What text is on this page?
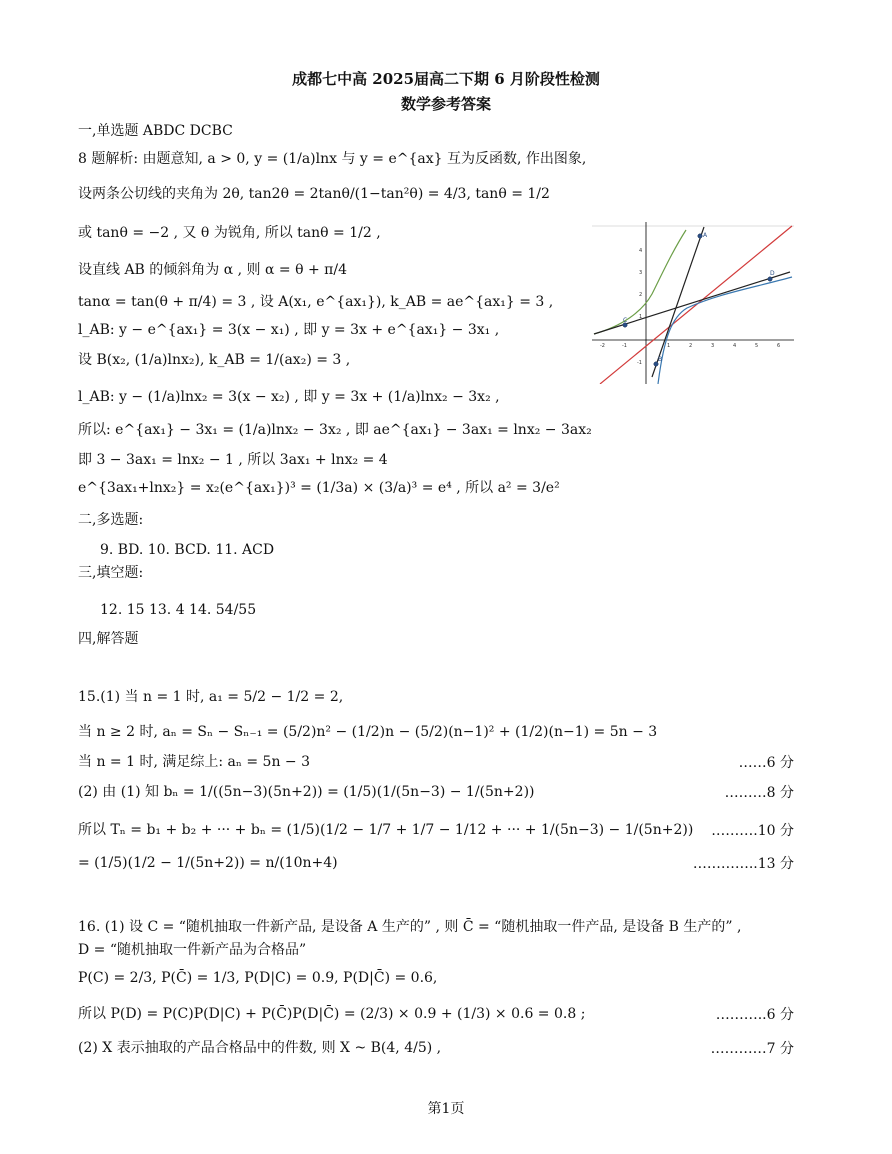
成都七中高 2025届高二下期 6 月阶段性检测
数学参考答案
一,单选题 ABDC DCBC
8 题解析: 由题意知, a > 0, y = (1/a)lnx 与 y = e^{ax} 互为反函数, 作出图象,
设两条公切线的夹角为 2θ, tan2θ = 2tanθ/(1−tan²θ) = 4/3, tanθ = 1/2
或 tanθ = −2 , 又 θ 为锐角, 所以 tanθ = 1/2 ,
设直线 AB 的倾斜角为 α , 则 α = θ + π/4
tanα = tan(θ + π/4) = 3 , 设 A(x₁, e^{ax₁}), k_AB = ae^{ax₁} = 3 ,
l_AB: y − e^{ax₁} = 3(x − x₁) , 即 y = 3x + e^{ax₁} − 3x₁ ,
设 B(x₂, (1/a)lnx₂), k_AB = 1/(ax₂) = 3 ,
l_AB: y − (1/a)lnx₂ = 3(x − x₂) , 即 y = 3x + (1/a)lnx₂ − 3x₂ ,
所以: e^{ax₁} − 3x₁ = (1/a)lnx₂ − 3x₂ , 即 ae^{ax₁} − 3ax₁ = lnx₂ − 3ax₂
即 3 − 3ax₁ = lnx₂ − 1 , 所以 3ax₁ + lnx₂ = 4
e^{3ax₁+lnx₂} = x₂(e^{ax₁})³ = (1/3a) × (3/a)³ = e⁴ , 所以 a² = 3/e²
二,多选题:
9. BD. 10. BCD. 11. ACD
三,填空题:
12. 15 13. 4 14. 54/55
四,解答题
15.(1) 当 n = 1 时, a₁ = 5/2 − 1/2 = 2,
当 n ≥ 2 时, aₙ = Sₙ − Sₙ₋₁ = (5/2)n² − (1/2)n − (5/2)(n−1)² + (1/2)(n−1) = 5n − 3
当 n = 1 时, 满足综上: aₙ = 5n − 3	……6 分
(2) 由 (1) 知 bₙ = 1/((5n−3)(5n+2)) = (1/5)(1/(5n−3) − 1/(5n+2))	………8 分
所以 Tₙ = b₁ + b₂ + ··· + bₙ = (1/5)(1/2 − 1/7 + 1/7 − 1/12 + ··· + 1/(5n−3) − 1/(5n+2)) ……….10 分
= (1/5)(1/2 − 1/(5n+2)) = n/(10n+4)	…………..13 分
16. (1) 设 C = “随机抽取一件新产品, 是设备 A 生产的” , 则 C̄ = “随机抽取一件产品, 是设备 B 生产的” ,
D = “随机抽取一件新产品为合格品”
P(C) = 2/3, P(C̄) = 1/3, P(D|C) = 0.9, P(D|C̄) = 0.6,
所以 P(D) = P(C)P(D|C) + P(C̄)P(D|C̄) = (2/3) × 0.9 + (1/3) × 0.6 = 0.8 ;	………..6 分
(2) X 表示抽取的产品合格品中的件数, 则 X ~ B(4, 4/5) ,	…………7 分
第1页
-2	-1	1	2	3	4	5	6
4
3
2
1
-1
A
B
C
D
